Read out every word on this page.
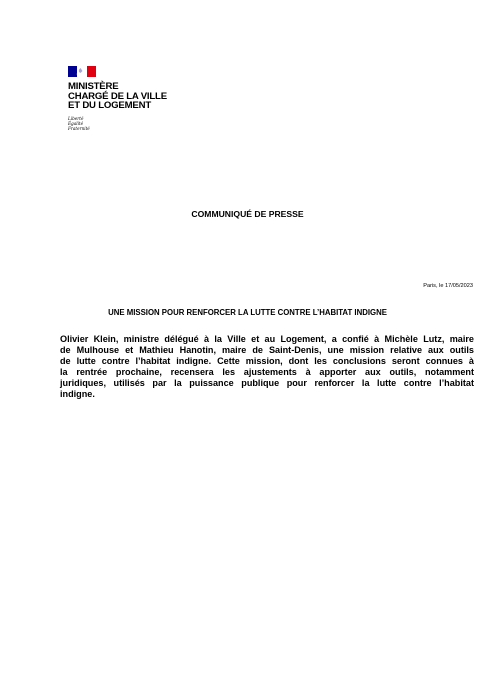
MINISTÈRE
CHARGÉ DE LA VILLE
ET DU LOGEMENT
Liberté
Égalité
Fraternité
COMMUNIQUÉ DE PRESSE
Paris, le 17/05/2023
UNE MISSION POUR RENFORCER LA LUTTE CONTRE L’HABITAT INDIGNE
Olivier Klein, ministre délégué à la Ville et au Logement, a confié à Michèle Lutz, maire
de Mulhouse et Mathieu Hanotin, maire de Saint-Denis, une mission relative aux outils
de lutte contre l’habitat indigne. Cette mission, dont les conclusions seront connues à
la rentrée prochaine, recensera les ajustements à apporter aux outils, notamment
juridiques, utilisés par la puissance publique pour renforcer la lutte contre l’habitat
indigne.
